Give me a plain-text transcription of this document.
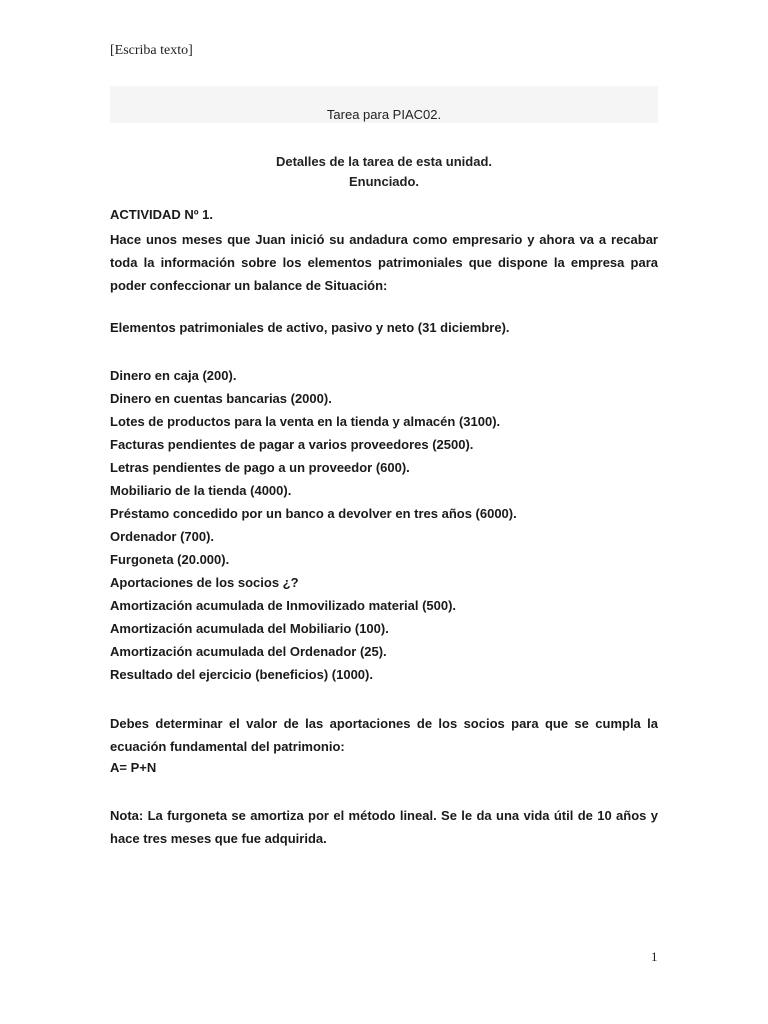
[Escriba texto]
Tarea para PIAC02.
Detalles de la tarea de esta unidad.
Enunciado.
ACTIVIDAD Nº 1.
Hace unos meses que Juan inició su andadura como empresario y ahora va a recabar toda la información sobre los elementos patrimoniales que dispone la empresa para poder confeccionar un balance de Situación:
Elementos patrimoniales de activo, pasivo y neto (31 diciembre).
Dinero en caja (200).
Dinero en cuentas bancarias (2000).
Lotes de productos para la venta en la tienda y almacén (3100).
Facturas pendientes de pagar a varios proveedores (2500).
Letras pendientes de pago a un proveedor (600).
Mobiliario de la tienda (4000).
Préstamo concedido por un banco a devolver en tres años (6000).
Ordenador (700).
Furgoneta (20.000).
Aportaciones de los socios ¿?
Amortización acumulada de Inmovilizado material (500).
Amortización acumulada del Mobiliario (100).
Amortización acumulada del Ordenador (25).
Resultado del ejercicio (beneficios) (1000).
Debes determinar el valor de las aportaciones de los socios para que se cumpla la ecuación fundamental del patrimonio:
A= P+N
Nota: La furgoneta se amortiza por el método lineal. Se le da una vida útil de 10 años y hace tres meses que fue adquirida.
1
